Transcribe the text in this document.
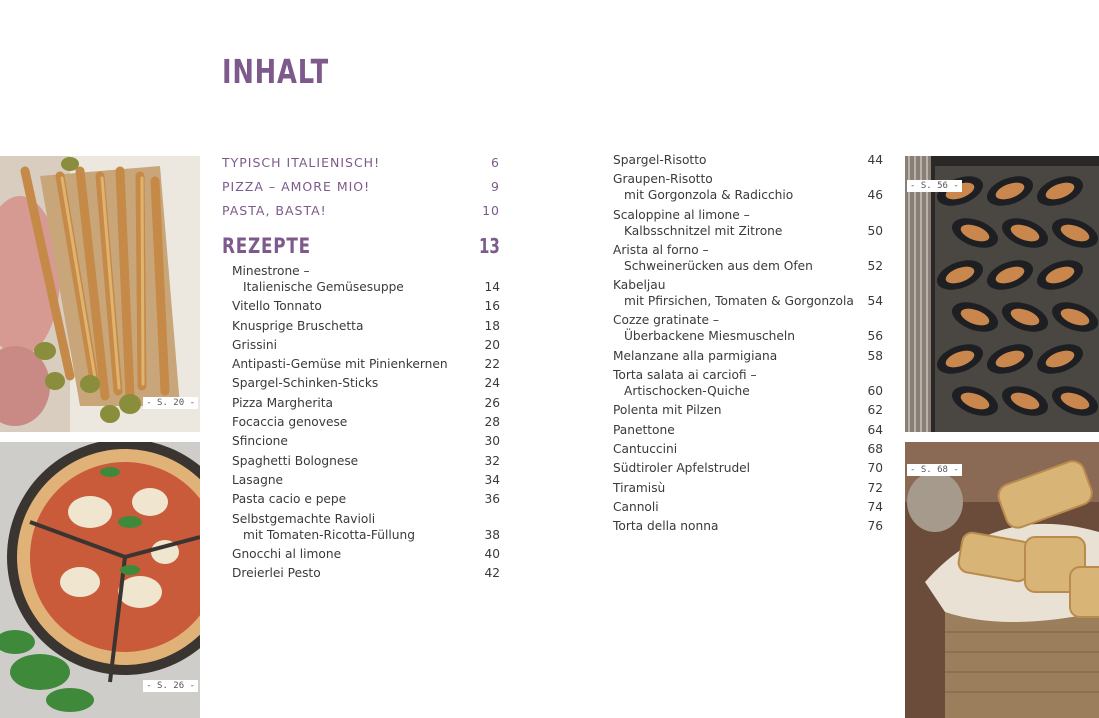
INHALT
TYPISCH ITALIENISCH!	6
PIZZA – AMORE MIO!	9
PASTA, BASTA!	10
REZEPTE	13
Minestrone –
Italienische Gemüsesuppe	14
Vitello Tonnato	16
Knusprige Bruschetta	18
Grissini	20
Antipasti-Gemüse mit Pinienkernen	22
Spargel-Schinken-Sticks	24
Pizza Margherita	26
Focaccia genovese	28
Sfincione	30
Spaghetti Bolognese	32
Lasagne	34
Pasta cacio e pepe	36
Selbstgemachte Ravioli
mit Tomaten-Ricotta-Füllung	38
Gnocchi al limone	40
Dreierlei Pesto	42
Spargel-Risotto	44
Graupen-Risotto
mit Gorgonzola & Radicchio	46
Scaloppine al limone –
Kalbsschnitzel mit Zitrone	50
Arista al forno –
Schweinerücken aus dem Ofen	52
Kabeljau
mit Pfirsichen, Tomaten & Gorgonzola	54
Cozze gratinate –
Überbackene Miesmuscheln	56
Melanzane alla parmigiana	58
Torta salata ai carciofi –
Artischocken-Quiche	60
Polenta mit Pilzen	62
Panettone	64
Cantuccini	68
Südtiroler Apfelstrudel	70
Tiramisù	72
Cannoli	74
Torta della nonna	76
- S. 20 -
- S. 26 -
- S. 56 -
- S. 68 -
